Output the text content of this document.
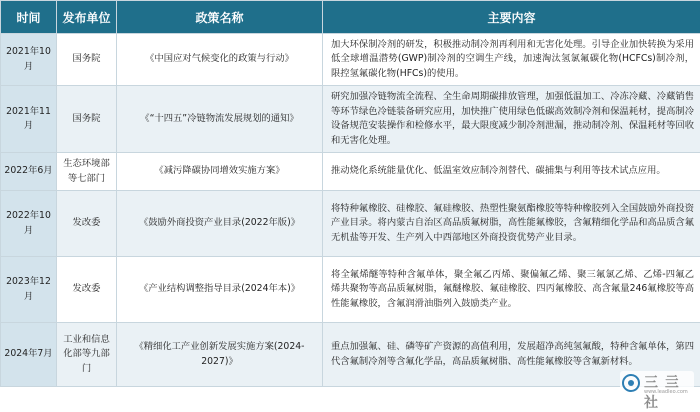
时间	发布单位	政策名称	主要内容
2021年10月	国务院	《中国应对气候变化的政策与行动》	加大环保制冷剂的研发，积极推动制冷剂再利用和无害化处理。引导企业加快转换为采用低全球增温潜势(GWP)制冷剂的空调生产线，加速淘汰氢氯氟碳化物(HCFCs)制冷剂，限控氢氟碳化物(HFCs)的使用。
2021年11月	国务院	《“十四五”冷链物流发展规划的通知》	研究加强冷链物流全流程、全生命周期碳排放管理，加强低温加工、冷冻冷藏、冷藏销售等环节绿色冷链装备研究应用，加快推广使用绿色低碳高效制冷剂和保温耗材，提高制冷设备规范安装操作和检修水平，最大限度减少制冷剂泄漏，推动制冷剂、保温耗材等回收和无害化处理。
2022年6月	生态环境部等七部门	《减污降碳协同增效实施方案》	推动烧化系统能量优化、低温室效应制冷剂替代、碳捕集与利用等技术试点应用。
2022年10月	发改委	《鼓励外商投资产业目录(2022年版)》	将特种氟橡胶、硅橡胶、氟硅橡胶、热塑性聚氨酯橡胶等特种橡胶列入全国鼓励外商投资产业目录。将内蒙古自治区高品质氟树脂，高性能氟橡胶，含氟精细化学品和高品质含氟无机盐等开发、生产列入中西部地区外商投资优势产业目录。
2023年12月	发改委	《产业结构调整指导目录(2024年本)》	将全氟烯醚等特种含氟单体，聚全氟乙丙烯、聚偏氟乙烯、聚三氟氯乙烯、乙烯-四氟乙烯共聚物等高品质氟树脂，氟醚橡胶、氟硅橡胶、四丙氟橡胶、高含氟量246氟橡胶等高性能氟橡胶，含氟润滑油脂列入鼓励类产业。
2024年7月	工业和信息化部等九部门	《精细化工产业创新发展实施方案(2024-2027)》	重点加强氟、硅、磷等矿产资源的高值利用，发展超净高纯氢氟酸，特种含氟单体，第四代含氟制冷剂等含氟化学品，高品质氟树脂、高性能氟橡胶等含氟新材料。
三 亖
www.leadleo.com
